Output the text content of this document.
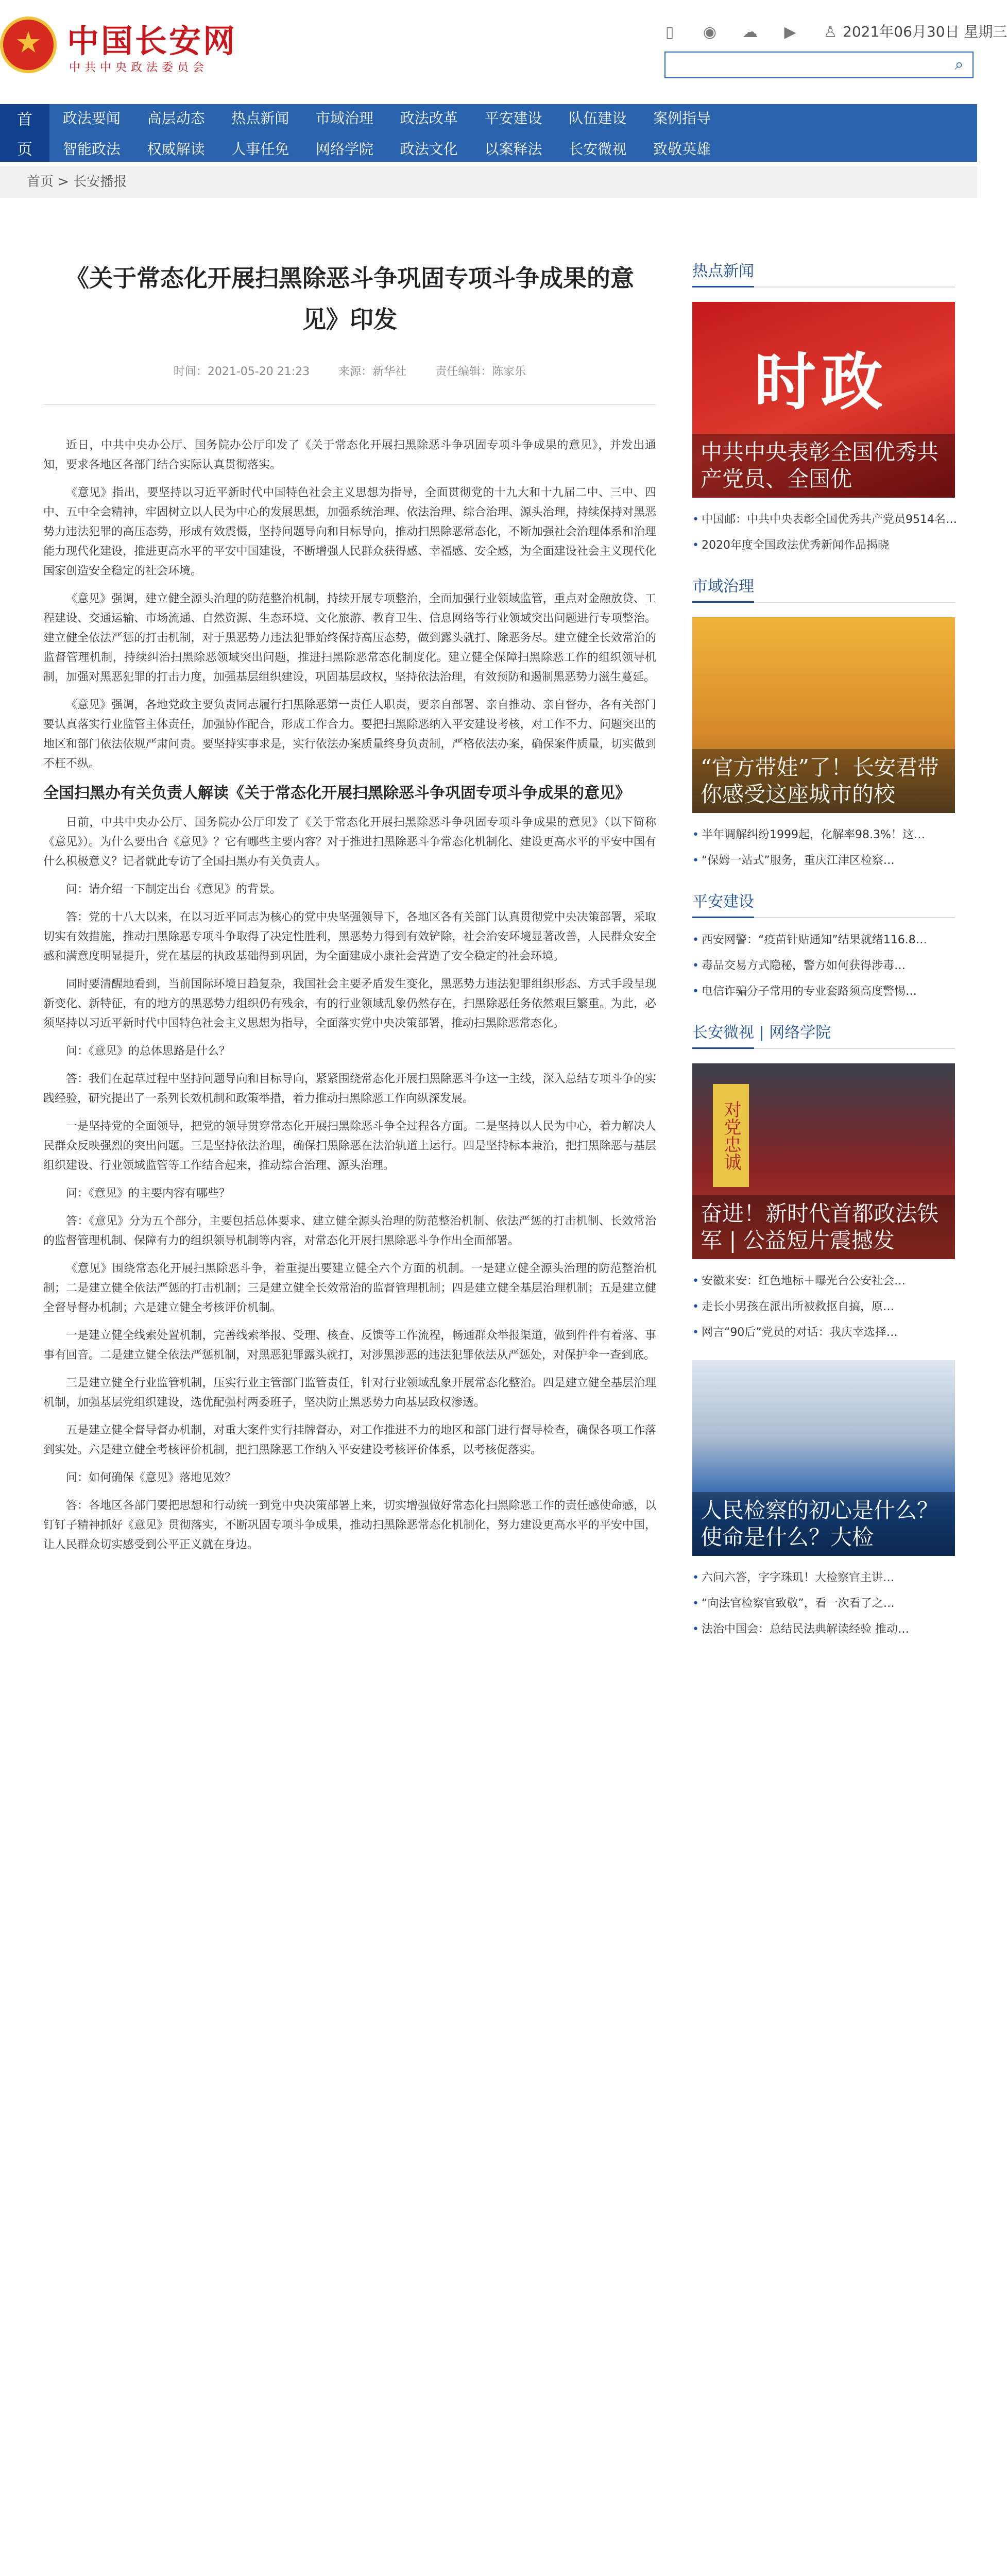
中国长安网
中共中央政法委员会
▯	◉ ☁ ▶ ♙ 2021年06月30日 星期三
⌕
首
页
政法要闻
智能政法
高层动态
权威解读
热点新闻
人事任免
市域治理
网络学院
政法改革
政法文化
平安建设
以案释法
队伍建设
长安微视
案例指导
致敬英雄
首页 > 长安播报
《关于常态化开展扫黑除恶斗争巩固专项斗争成果的意见》印发
时间：2021-05-20 21:23	来源：新华社	责任编辑：陈家乐

近日，中共中央办公厅、国务院办公厅印发了《关于常态化开展扫黑除恶斗争巩固专项斗争成果的意见》，并发出通知，要求各地区各部门结合实际认真贯彻落实。

《意见》指出，要坚持以习近平新时代中国特色社会主义思想为指导，全面贯彻党的十九大和十九届二中、三中、四中、五中全会精神，牢固树立以人民为中心的发展思想，加强系统治理、依法治理、综合治理、源头治理，持续保持对黑恶势力违法犯罪的高压态势，形成有效震慑，坚持问题导向和目标导向，推动扫黑除恶常态化，不断加强社会治理体系和治理能力现代化建设，推进更高水平的平安中国建设，不断增强人民群众获得感、幸福感、安全感，为全面建设社会主义现代化国家创造安全稳定的社会环境。

《意见》强调，建立健全源头治理的防范整治机制，持续开展专项整治，全面加强行业领域监管，重点对金融放贷、工程建设、交通运输、市场流通、自然资源、生态环境、文化旅游、教育卫生、信息网络等行业领域突出问题进行专项整治。建立健全依法严惩的打击机制，对于黑恶势力违法犯罪始终保持高压态势，做到露头就打、除恶务尽。建立健全长效常治的监督管理机制，持续纠治扫黑除恶领域突出问题，推进扫黑除恶常态化制度化。建立健全保障扫黑除恶工作的组织领导机制，加强对黑恶犯罪的打击力度，加强基层组织建设，巩固基层政权，坚持依法治理，有效预防和遏制黑恶势力滋生蔓延。

《意见》强调，各地党政主要负责同志履行扫黑除恶第一责任人职责，要亲自部署、亲自推动、亲自督办，各有关部门要认真落实行业监管主体责任，加强协作配合，形成工作合力。要把扫黑除恶纳入平安建设考核，对工作不力、问题突出的地区和部门依法依规严肃问责。要坚持实事求是，实行依法办案质量终身负责制，严格依法办案，确保案件质量，切实做到不枉不纵。

全国扫黑办有关负责人解读《关于常态化开展扫黑除恶斗争巩固专项斗争成果的意见》

日前，中共中央办公厅、国务院办公厅印发了《关于常态化开展扫黑除恶斗争巩固专项斗争成果的意见》（以下简称《意见》）。为什么要出台《意见》？它有哪些主要内容？对于推进扫黑除恶斗争常态化机制化、建设更高水平的平安中国有什么积极意义？记者就此专访了全国扫黑办有关负责人。

问：请介绍一下制定出台《意见》的背景。

答：党的十八大以来，在以习近平同志为核心的党中央坚强领导下，各地区各有关部门认真贯彻党中央决策部署，采取切实有效措施，推动扫黑除恶专项斗争取得了决定性胜利，黑恶势力得到有效铲除，社会治安环境显著改善，人民群众安全感和满意度明显提升，党在基层的执政基础得到巩固，为全面建成小康社会营造了安全稳定的社会环境。

同时要清醒地看到，当前国际环境日趋复杂，我国社会主要矛盾发生变化，黑恶势力违法犯罪组织形态、方式手段呈现新变化、新特征，有的地方的黑恶势力组织仍有残余，有的行业领域乱象仍然存在，扫黑除恶任务依然艰巨繁重。为此，必须坚持以习近平新时代中国特色社会主义思想为指导，全面落实党中央决策部署，推动扫黑除恶常态化。

问：《意见》的总体思路是什么？

答：我们在起草过程中坚持问题导向和目标导向，紧紧围绕常态化开展扫黑除恶斗争这一主线，深入总结专项斗争的实践经验，研究提出了一系列长效机制和政策举措，着力推动扫黑除恶工作向纵深发展。

一是坚持党的全面领导，把党的领导贯穿常态化开展扫黑除恶斗争全过程各方面。二是坚持以人民为中心，着力解决人民群众反映强烈的突出问题。三是坚持依法治理，确保扫黑除恶在法治轨道上运行。四是坚持标本兼治，把扫黑除恶与基层组织建设、行业领域监管等工作结合起来，推动综合治理、源头治理。

问：《意见》的主要内容有哪些？

答：《意见》分为五个部分，主要包括总体要求、建立健全源头治理的防范整治机制、依法严惩的打击机制、长效常治的监督管理机制、保障有力的组织领导机制等内容，对常态化开展扫黑除恶斗争作出全面部署。

《意见》围绕常态化开展扫黑除恶斗争，着重提出要建立健全六个方面的机制。一是建立健全源头治理的防范整治机制；二是建立健全依法严惩的打击机制；三是建立健全长效常治的监督管理机制；四是建立健全基层治理机制；五是建立健全督导督办机制；六是建立健全考核评价机制。

一是建立健全线索处置机制，完善线索举报、受理、核查、反馈等工作流程，畅通群众举报渠道，做到件件有着落、事事有回音。二是建立健全依法严惩机制，对黑恶犯罪露头就打，对涉黑涉恶的违法犯罪依法从严惩处，对保护伞一查到底。

三是建立健全行业监管机制，压实行业主管部门监管责任，针对行业领域乱象开展常态化整治。四是建立健全基层治理机制，加强基层党组织建设，选优配强村两委班子，坚决防止黑恶势力向基层政权渗透。

五是建立健全督导督办机制，对重大案件实行挂牌督办，对工作推进不力的地区和部门进行督导检查，确保各项工作落到实处。六是建立健全考核评价机制，把扫黑除恶工作纳入平安建设考核评价体系，以考核促落实。

问：如何确保《意见》落地见效？

答：各地区各部门要把思想和行动统一到党中央决策部署上来，切实增强做好常态化扫黑除恶工作的责任感使命感，以钉钉子精神抓好《意见》贯彻落实，不断巩固专项斗争成果，推动扫黑除恶常态化机制化，努力建设更高水平的平安中国，让人民群众切实感受到公平正义就在身边。

热点新闻
时政
中共中央表彰全国优秀共产党员、全国优
• 中国邮：中共中央表彰全国优秀共产党员9514名…
• 2020年度全国政法优秀新闻作品揭晓
市域治理
“官方带娃”了！长安君带你感受这座城市的校
• 半年调解纠纷1999起，化解率98.3%！这…
• “保姆一站式”服务，重庆江津区检察…
平安建设
• 西安网警：“疫苗针贴通知”结果就绪116.8…
• 毒品交易方式隐秘，警方如何获得涉毒…
• 电信诈骗分子常用的专业套路须高度警惕…
长安微视 | 网络学院
对党忠诚
奋进！新时代首都政法铁军 | 公益短片震撼发
• 安徽来安：红色地标＋曝光台公安社会…
• 走长小男孩在派出所被救抠自搞，原…
• 网言“90后”党员的对话：我庆幸选择…
人民检察的初心是什么？使命是什么？大检
• 六问六答，字字珠玑！大检察官主讲…
• “向法官检察官致敬”，看一次看了之…
• 法治中国会：总结民法典解读经验 推动…
